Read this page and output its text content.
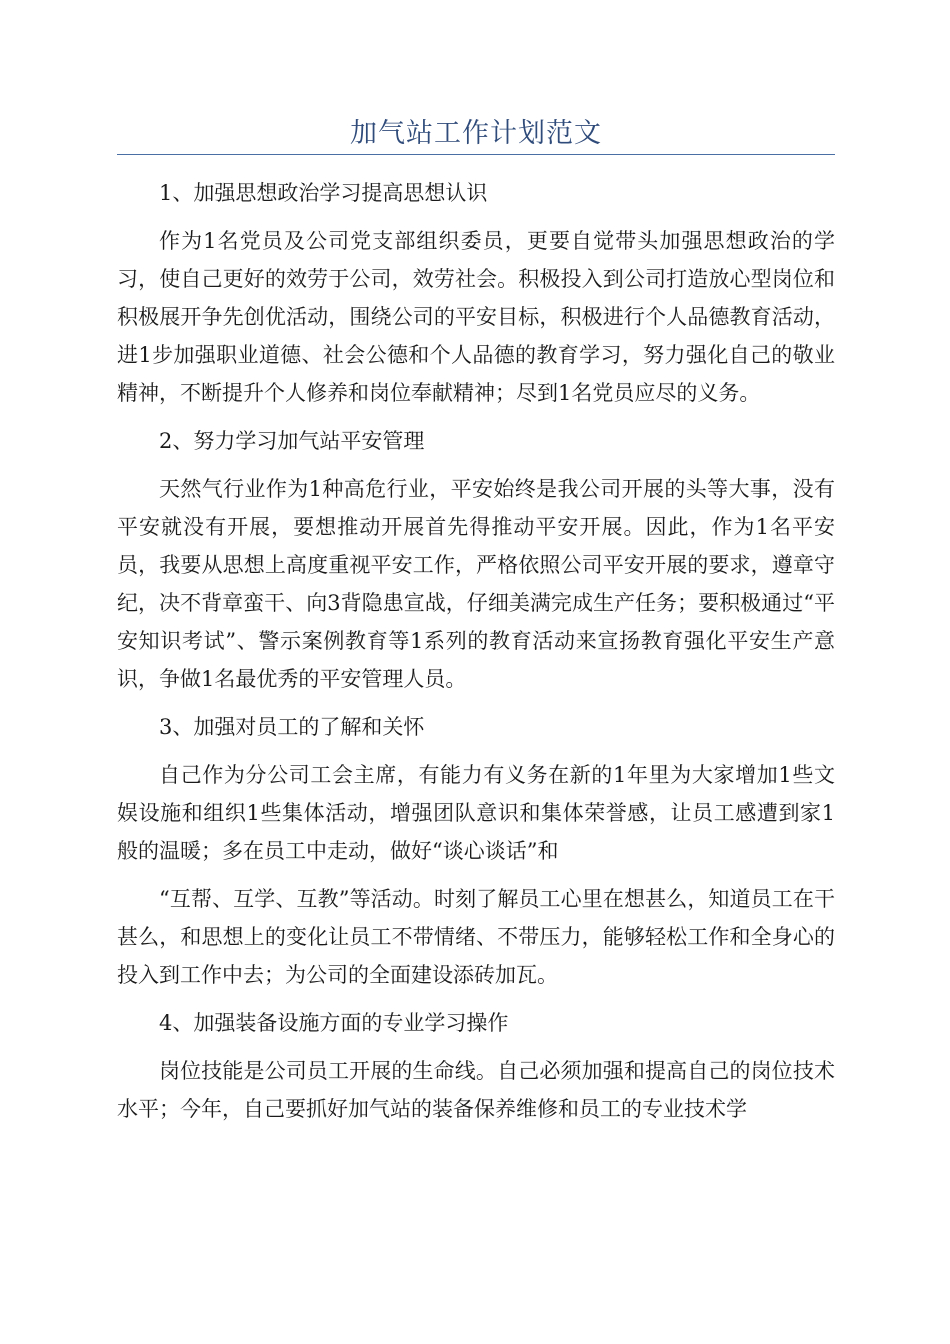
加气站工作计划范文

1、加强思想政治学习提高思想认识

作为1名党员及公司党支部组织委员，更要自觉带头加强思想政治的学习，使自己更好的效劳于公司，效劳社会。积极投入到公司打造放心型岗位和积极展开争先创优活动，围绕公司的平安目标，积极进行个人品德教育活动，进1步加强职业道德、社会公德和个人品德的教育学习，努力强化自己的敬业精神，不断提升个人修养和岗位奉献精神；尽到1名党员应尽的义务。

2、努力学习加气站平安管理

天然气行业作为1种高危行业，平安始终是我公司开展的头等大事，没有平安就没有开展，要想推动开展首先得推动平安开展。因此，作为1名平安员，我要从思想上高度重视平安工作，严格依照公司平安开展的要求，遵章守纪，决不背章蛮干、向3背隐患宣战，仔细美满完成生产任务；要积极通过“平安知识考试”、警示案例教育等1系列的教育活动来宣扬教育强化平安生产意识，争做1名最优秀的平安管理人员。

3、加强对员工的了解和关怀

自己作为分公司工会主席，有能力有义务在新的1年里为大家增加1些文娱设施和组织1些集体活动，增强团队意识和集体荣誉感，让员工感遭到家1般的温暖；多在员工中走动，做好“谈心谈话”和

“互帮、互学、互教”等活动。时刻了解员工心里在想甚么，知道员工在干甚么，和思想上的变化让员工不带情绪、不带压力，能够轻松工作和全身心的投入到工作中去；为公司的全面建设添砖加瓦。

4、加强装备设施方面的专业学习操作

岗位技能是公司员工开展的生命线。自己必须加强和提高自己的岗位技术水平；今年，自己要抓好加气站的装备保养维修和员工的专业技术学
